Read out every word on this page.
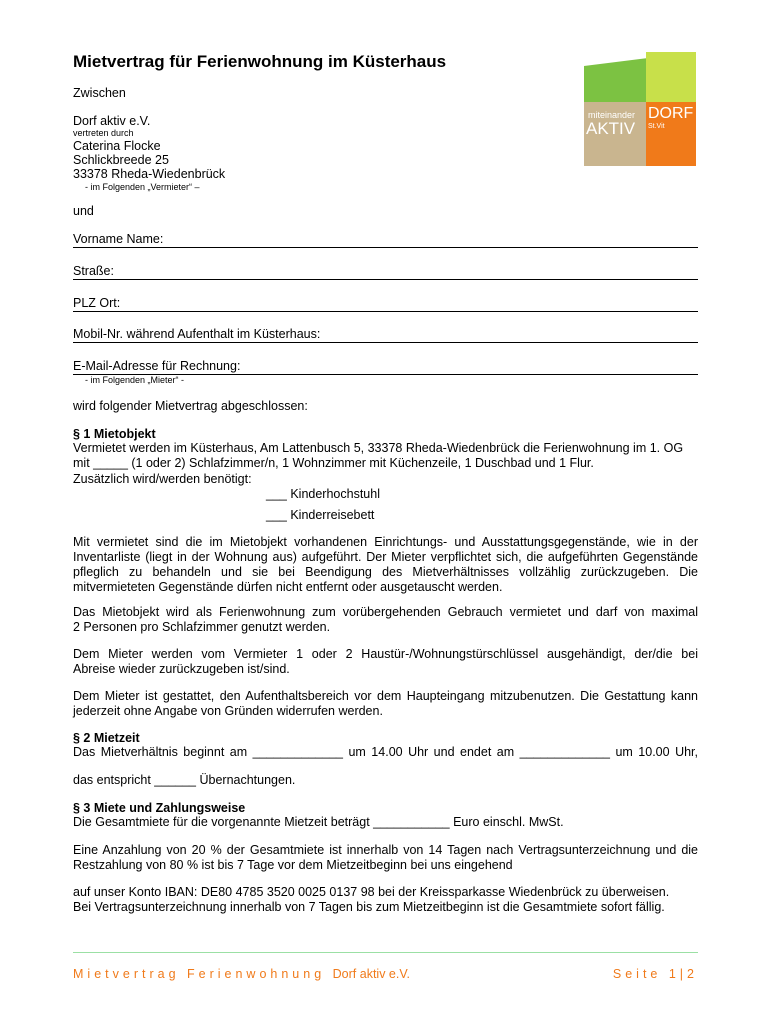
Mietvertrag für Ferienwohnung im Küsterhaus
miteinander DORF
AKTIV St.Vit
Zwischen
Dorf aktiv e.V.
vertreten durch
Caterina Flocke
Schlickbreede 25
33378 Rheda-Wiedenbrück
- im Folgenden „Vermieter“ –
und
Vorname Name:
Straße:
PLZ Ort:
Mobil-Nr. während Aufenthalt im Küsterhaus:
E-Mail-Adresse für Rechnung:
- im Folgenden „Mieter“ -
wird folgender Mietvertrag abgeschlossen:
§ 1 Mietobjekt
Vermietet werden im Küsterhaus, Am Lattenbusch 5, 33378 Rheda-Wiedenbrück die Ferienwohnung im 1. OG
mit _____ (1 oder 2) Schlafzimmer/n, 1 Wohnzimmer mit Küchenzeile, 1 Duschbad und 1 Flur.
Zusätzlich wird/werden benötigt:
___ Kinderhochstuhl
___ Kinderreisebett
Mit vermietet sind die im Mietobjekt vorhandenen Einrichtungs- und Ausstattungsgegenstände, wie in der
Inventarliste (liegt in der Wohnung aus) aufgeführt. Der Mieter verpflichtet sich, die aufgeführten Gegenstände
pfleglich zu behandeln und sie bei Beendigung des Mietverhältnisses vollzählig zurückzugeben. Die
mitvermieteten Gegenstände dürfen nicht entfernt oder ausgetauscht werden.
Das Mietobjekt wird als Ferienwohnung zum vorübergehenden Gebrauch vermietet und darf von maximal
2 Personen pro Schlafzimmer genutzt werden.
Dem Mieter werden vom Vermieter 1 oder 2 Haustür-/Wohnungstürschlüssel ausgehändigt, der/die bei
Abreise wieder zurückzugeben ist/sind.
Dem Mieter ist gestattet, den Aufenthaltsbereich vor dem Haupteingang mitzubenutzen. Die Gestattung kann
jederzeit ohne Angabe von Gründen widerrufen werden.
§ 2 Mietzeit
Das Mietverhältnis beginnt am _____________ um 14.00 Uhr und endet am _____________ um 10.00 Uhr,
das entspricht ______ Übernachtungen.
§ 3 Miete und Zahlungsweise
Die Gesamtmiete für die vorgenannte Mietzeit beträgt ___________ Euro einschl. MwSt.
Eine Anzahlung von 20 % der Gesamtmiete ist innerhalb von 14 Tagen nach Vertragsunterzeichnung und die
Restzahlung von 80 % ist bis 7 Tage vor dem Mietzeitbeginn bei uns eingehend
auf unser Konto IBAN: DE80 4785 3520 0025 0137 98 bei der Kreissparkasse Wiedenbrück zu überweisen.
Bei Vertragsunterzeichnung innerhalb von 7 Tagen bis zum Mietzeitbeginn ist die Gesamtmiete sofort fällig.
Mietvertrag Ferienwohnung Dorf aktiv e.V.	Seite 1|2
